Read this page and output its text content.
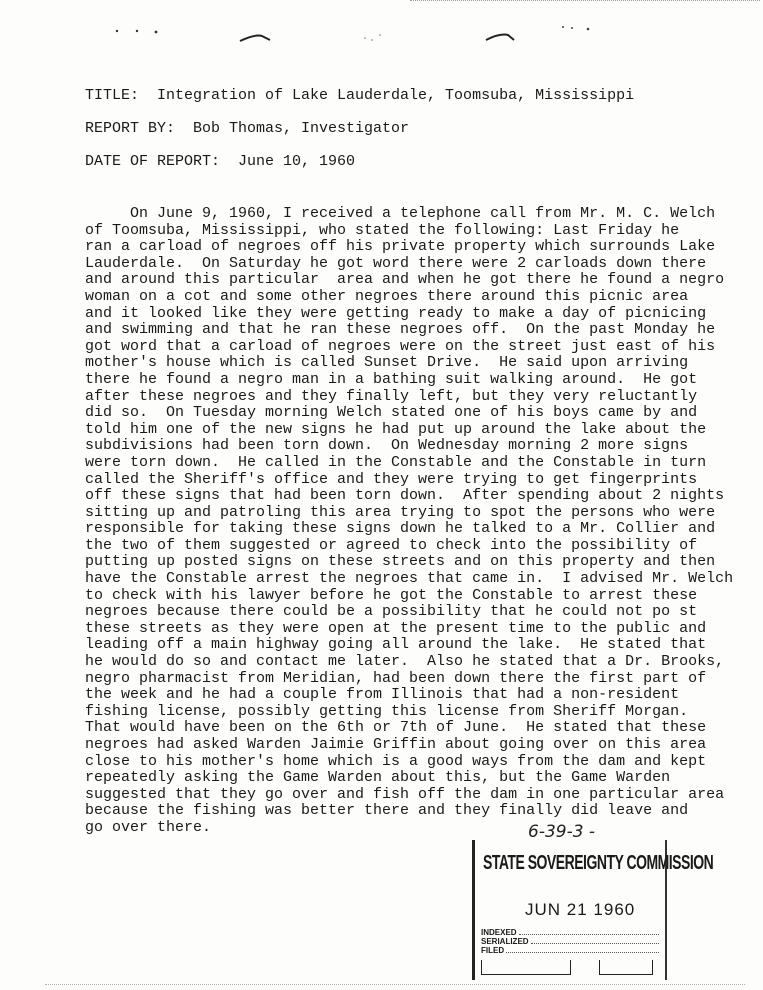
TITLE:  Integration of Lake Lauderdale, Toomsuba, Mississippi
REPORT BY:  Bob Thomas, Investigator
DATE OF REPORT:  June 10, 1960
On June 9, 1960, I received a telephone call from Mr. M. C. Welch
of Toomsuba, Mississippi, who stated the following: Last Friday he
ran a carload of negroes off his private property which surrounds Lake
Lauderdale.  On Saturday he got word there were 2 carloads down there
and around this particular  area and when he got there he found a negro
woman on a cot and some other negroes there around this picnic area
and it looked like they were getting ready to make a day of picnicing
and swimming and that he ran these negroes off.  On the past Monday he
got word that a carload of negroes were on the street just east of his
mother's house which is called Sunset Drive.  He said upon arriving
there he found a negro man in a bathing suit walking around.  He got
after these negroes and they finally left, but they very reluctantly
did so.  On Tuesday morning Welch stated one of his boys came by and
told him one of the new signs he had put up around the lake about the
subdivisions had been torn down.  On Wednesday morning 2 more signs
were torn down.  He called in the Constable and the Constable in turn
called the Sheriff's office and they were trying to get fingerprints
off these signs that had been torn down.  After spending about 2 nights
sitting up and patroling this area trying to spot the persons who were
responsible for taking these signs down he talked to a Mr. Collier and
the two of them suggested or agreed to check into the possibility of
putting up posted signs on these streets and on this property and then
have the Constable arrest the negroes that came in.  I advised Mr. Welch
to check with his lawyer before he got the Constable to arrest these
negroes because there could be a possibility that he could not po st
these streets as they were open at the present time to the public and
leading off a main highway going all around the lake.  He stated that
he would do so and contact me later.  Also he stated that a Dr. Brooks,
negro pharmacist from Meridian, had been down there the first part of
the week and he had a couple from Illinois that had a non-resident
fishing license, possibly getting this license from Sheriff Morgan.
That would have been on the 6th or 7th of June.  He stated that these
negroes had asked Warden Jaimie Griffin about going over on this area
close to his mother's home which is a good ways from the dam and kept
repeatedly asking the Game Warden about this, but the Game Warden
suggested that they go over and fish off the dam in one particular area
because the fishing was better there and they finally did leave and
go over there.	6-39-3 -
STATE SOVEREIGNTY COMMISSION
JUN 21 1960
INDEXED
SERIALIZED
FILED
